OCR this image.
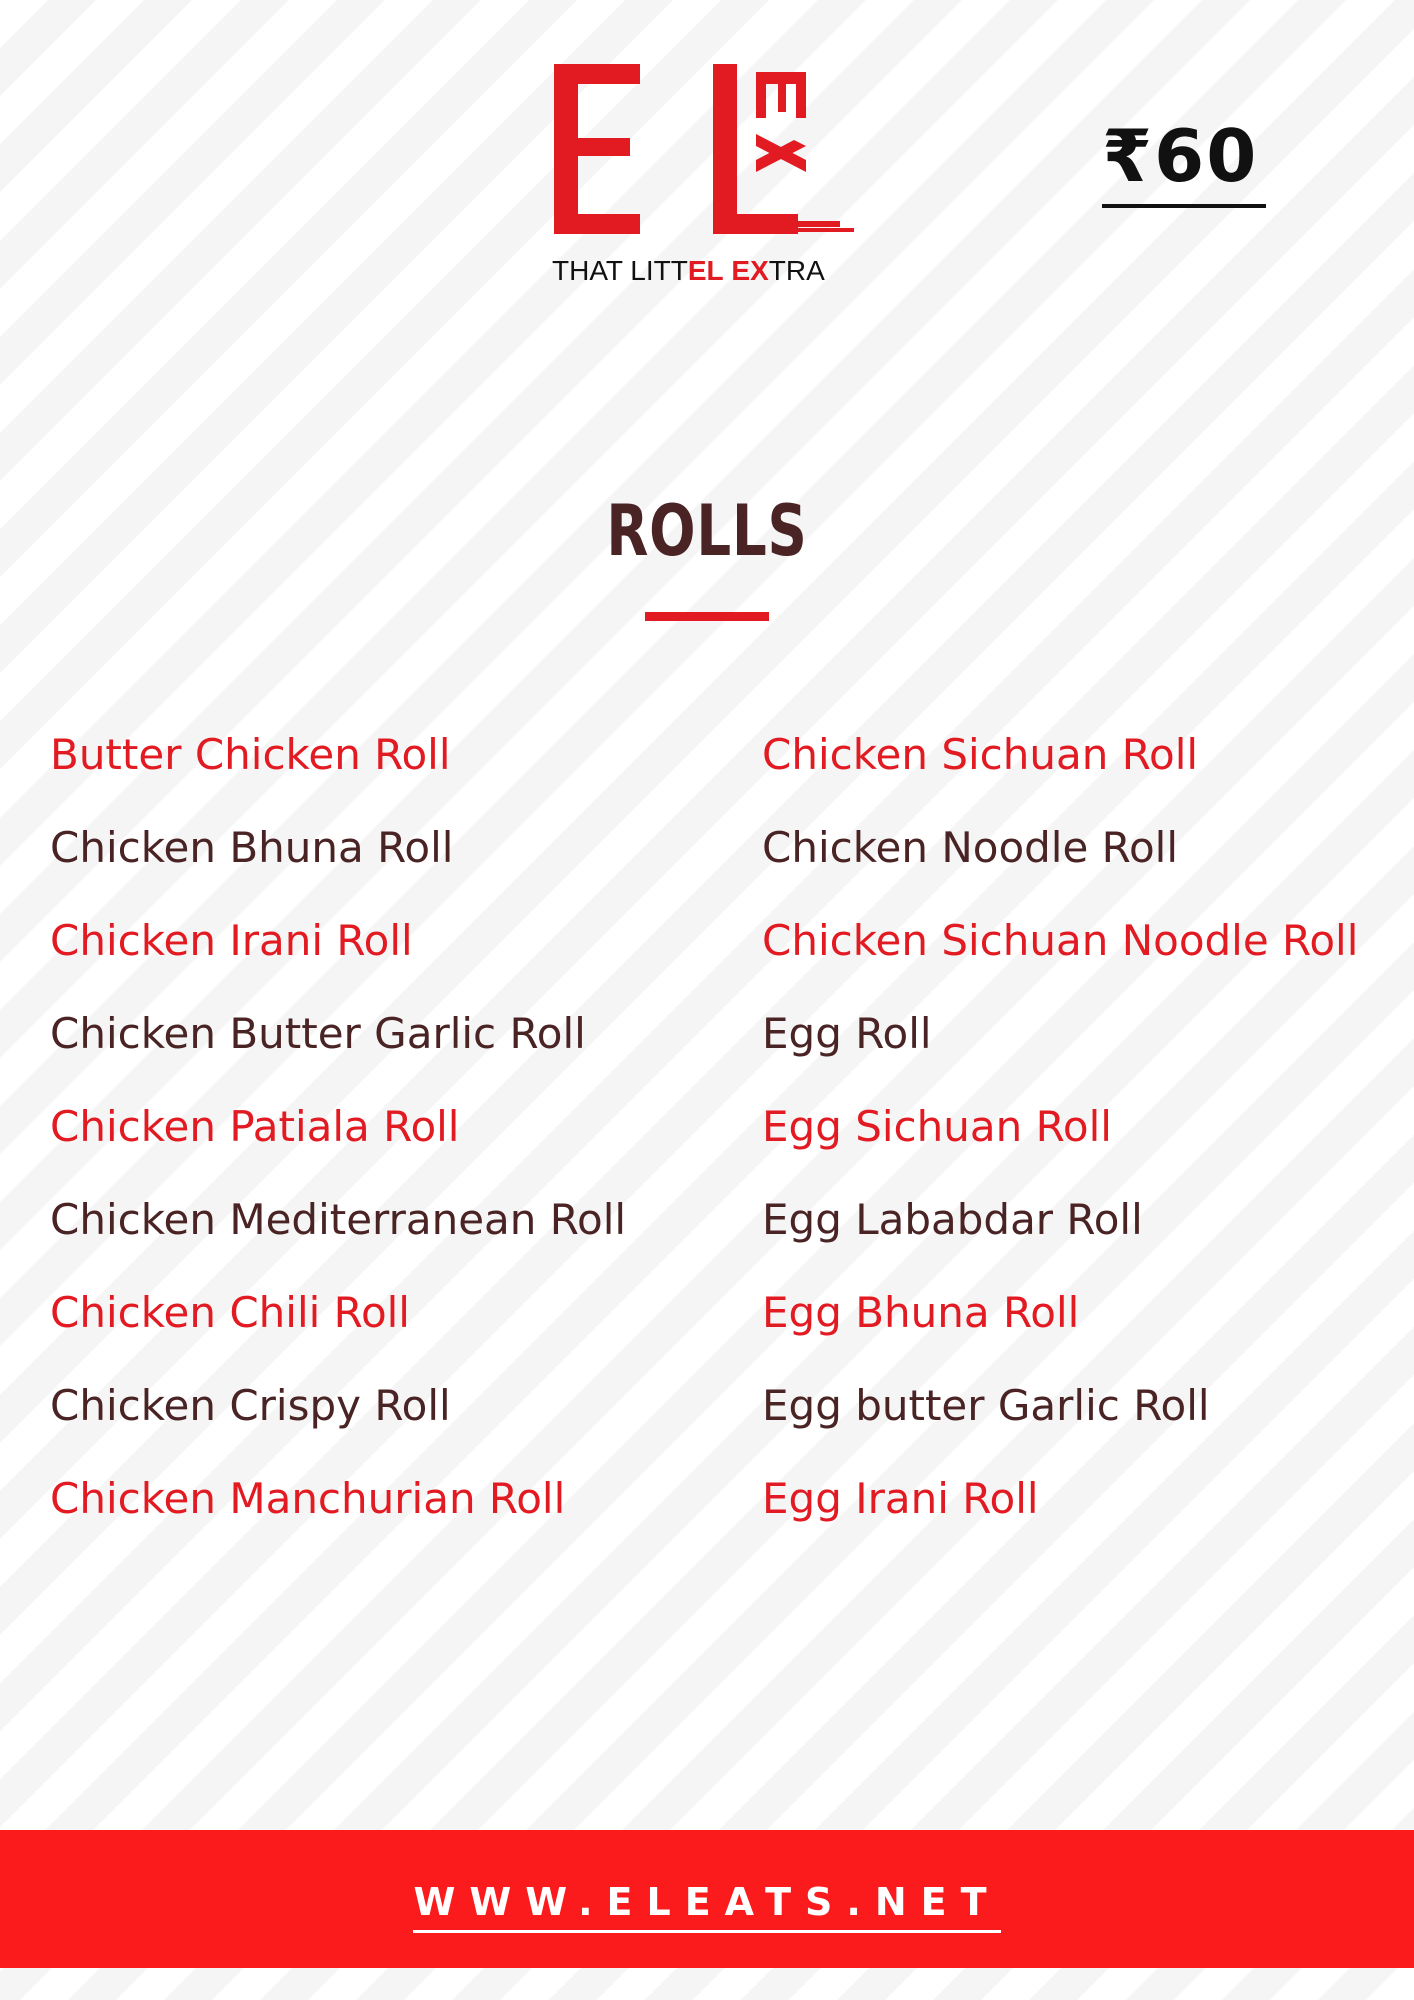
THAT LITTEL EXTRA
₹60
ROLLS
Butter Chicken Roll
Chicken Bhuna Roll
Chicken Irani Roll
Chicken Butter Garlic Roll
Chicken Patiala Roll
Chicken Mediterranean Roll
Chicken Chili Roll
Chicken Crispy Roll
Chicken Manchurian Roll
Chicken Sichuan Roll
Chicken Noodle Roll
Chicken Sichuan Noodle Roll
Egg Roll
Egg Sichuan Roll
Egg Lababdar Roll
Egg Bhuna Roll
Egg butter Garlic Roll
Egg Irani Roll
WWW.ELEATS.NET
